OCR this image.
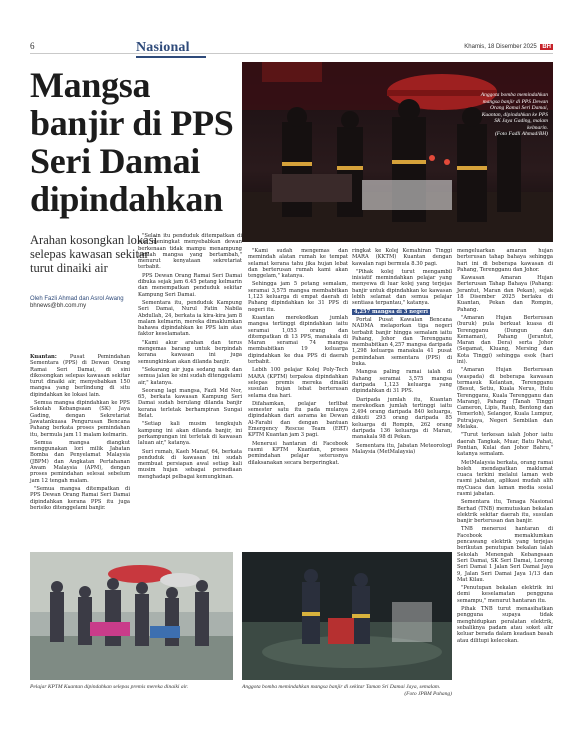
6	Nasional	Khamis, 18 Disember 2025 BH
Mangsa banjir di PPS Seri Damai dipindahkan
Arahan kosongkan lokasi selepas kawasan sekitar turut dinaiki air
Oleh Fazli Ahmad dan Asrol Awang
bhnews@bh.com.my
Anggota bomba memindahkan mangsa banjir di PPS Dewan Orang Ramai Seri Damai, Kuantan, dipindahkan ke PPS SK Jaya Gading, malam kelmarin.
(Foto Fadli Ahmad/BH)

Kuantan: Pusat Pemindahan Sementara (PPS) di Dewan Orang Ramai Seri Damai, di sini dikosongkan selepas kawasan sekitar turut dinaiki air, menyebabkan 150 mangsa yang berlindung di situ dipindahkan ke lokasi lain.

Semua mangsa dipindahkan ke PPS Sekolah Kebangsaan (SK) Jaya Gading, dengan Sekretariat Jawatankuasa Pengurusan Bencana Pahang berkata proses pemindahan itu, bermula jam 11 malam kelmarin.

Semua mangsa diangkut menggunakan lori milik Jabatan Bomba dan Penyelamat Malaysia (JBPM) dan Angkatan Pertahanan Awam Malaysia (APM), dengan proses pemindahan selesai sebelum jam 12 tengah malam.

"Semua mangsa ditempatkan di PPS Dewan Orang Ramai Seri Damai dipindahkan kerana PPS itu juga berisiko ditenggelami banjir.

"Selain itu penduduk ditempatkan di situ meningkat menyebabkan dewan berkenaan tidak mampu menampung jumlah mangsa yang bertambah," menurut kenyataan sekretariat terbabit.

PPS Dewan Orang Ramai Seri Damai dibuka sejak jam 6.45 petang kelmarin dan menempatkan penduduk sekitar Kampung Seri Damai.

Sementara itu, penduduk Kampung Seri Damai, Nurul Fatin Nabila Abdullah, 24, berkata ia kira-kira jam 8 malam kelmarin, mereka dimaklumkan bahawa dipindahkan ke PPS lain atas faktor keselamatan.

"Kami akur arahan dan terus mengemas barang untuk berpindah kerana kawasan ini juga semungkinkan akan dilanda banjir.

"Sekarang air juga sedang naik dan semua jalan ke sini sudah ditenggelami air," katanya.

Seorang lagi mangsa, Fazli Md Nor, 65, berkata kawasan Kampung Seri Damai sudah berulang dilanda banjir kerana terletak berhampiran Sungai Belat.

"Setiap kali musim tengkujuh kampung ini akan dilanda banjir, ini perkampungan ini terletak di kawasan laluan air," katanya.

Suri rumah, Kaeh Manaf, 64, berkata penduduk di kawasan ini sudah membuat persiapan awal setiap kali musim hujan sebagai persediaan menghadapi pelbagai kemungkinan.

"Kami sudah mengemas dan memindah alatan rumah ke tempat selamat kerana tahu jika hujan lebat dan berterusan rumah kami akan tenggelam," katanya.

Sehingga jam 5 petang semalam, seramai 3,575 mangsa membabitkan 1,123 keluarga di empat daerah di Pahang dipindahkan ke 31 PPS di negeri itu.

Kuantan merekodkan jumlah mangsa tertinggi dipindahkan iaitu seramai 1,053 orang dan ditempatkan di 13 PPS, manakala di Maran seramai 74 mangsa membabitkan 19 keluarga dipindahkan ke dua PPS di daerah terbabit.

Lebih 100 pelajar Kolej Poly-Tech MARA (KPTM) terpaksa dipindahkan selepas premis mereka dinaiki susulan hujan lebat berterusan selama dua hari.

Difahamkan, pelajar terlibat semester satu itu pada mulanya dipindahkan dari asrama ke Dewan Al-Farabi dan dengan bantuan Emergency Rescue Team (ERT) KPTM Kuantan jam 3 pagi.

Menerusi hantaran di Facebook rasmi KPTM Kuantan, proses pemindahan pelajar seterusnya dilaksanakan secara berperingkat.

ringkat ke Kolej Kemahiran Tinggi MARA (KKTM) Kuantan dengan kawalan rapi bermula 8.30 pagi.

"Pihak kolej turut mengambil inisiatif memindahkan pelajar yang menyewa di luar kolej yang terjejas banjir untuk dipindahkan ke kawasan lebih selamat dan semua pelajar sentiasa terpantau," katanya.

4,257 mangsa di 3 negeri

Portal Pusat Kawalan Bencana NADMA melaporkan tiga negeri terbabit banjir hingga semalam iaitu Pahang, Johor dan Terengganu membabitkan 4,257 mangsa daripada 1,298 keluarga manakala 41 pusat pemindahan sementara (PPS) di buka.

Mangsa paling ramai ialah di Pahang seramai 3,575 mangsa daripada 1,123 keluarga yang dipindahkan di 31 PPS.

Daripada jumlah itu, Kuantan merekodkan jumlah tertinggi iaitu 2,494 orang daripada 840 keluarga, diikuti 293 orang daripada 85 keluarga di Rompin, 262 orang daripada 136 keluarga di Maran, manakala 98 di Pekan.

Sementara itu, Jabatan Meteorologi Malaysia (MetMalaysia)

mengeluarkan amaran hujan berterusan tahap bahaya sehingga hari ini di beberapa kawasan di Pahang, Terengganu dan Johor.

Kawasan Amaran Hujan Berterusan Tahap Bahaya (Pahang: Jerantut, Maran dan Pekan), sejak 18 Disember 2025 berlaku di Kuantan, Pekan dan Rompin, Pahang.

"Amaran Hujan Berterusan (buruk) pula berkuat kuasa di Terengganu (Dungun dan Kemaman), Pahang (Jerantut, Maran dan Dera) serta Johor (Segamat, Kluang, Mersing dan Kota Tinggi) sehingga esok (hari ini).

"Amaran Hujan Berterusan (waspada) di beberapa kawasan termasuk Kelantan, Terengganu (Besut, Setiu, Kuala Nerus, Hulu Terengganu, Kuala Terengganu dan Marang), Pahang (Tanah Tinggi Cameron, Lipis, Raub, Bentong dan Temerloh), Selangor, Kuala Lumpur, Putrajaya, Negeri Sembilan dan Melaka.

"Turut terkesan ialah Johor iaitu daerah Tangkak, Muar, Batu Pahat, Pontian, Kulai dan Johor Bahru," katanya semalam.

MetMalaysia berkata, orang ramai boleh mendapatkan maklumat cuaca terkini melalui laman web rasmi jabatan, aplikasi mudah alih myCuaca dan laman media sosial rasmi jabatan.

Sementara itu, Tenaga Nasional Berhad (TNB) memutuskan bekalan elektrik sekitar daerah itu, susulan banjir berterusan dan banjir.

TNB menerusi hantaran di Facebook memaklumkan pencawang elektrik yang terjejas berikutan penutupan bekalan ialah Sekolah Menengah Kebangsaan Seri Damai, SK Seri Damai, Lorong Seri Damai 1 Jalan Seri Damai Jaya 9, Jalan Seri Damai Jaya 1/13 dan Mat Kilau.

"Penutupan bekalan elektrik ini demi keselamatan pengguna semampu," menurut hantaran itu.

Pihak TNB turut menasihatkan pengguna supaya tidak menghidupkan peralatan elektrik, sebaliknya padam atau soket alir keluar berada dalam keadaan basah atau dilitupi kelecokan.

Pelajar KPTM Kuantan dipindahkan selepas premis mereka dinaiki air.	Anggota bomba memindahkan mangsa banjir di sekitar Taman Sri Damai Jaya, semalam.
(Foto JPBM Pahang)
